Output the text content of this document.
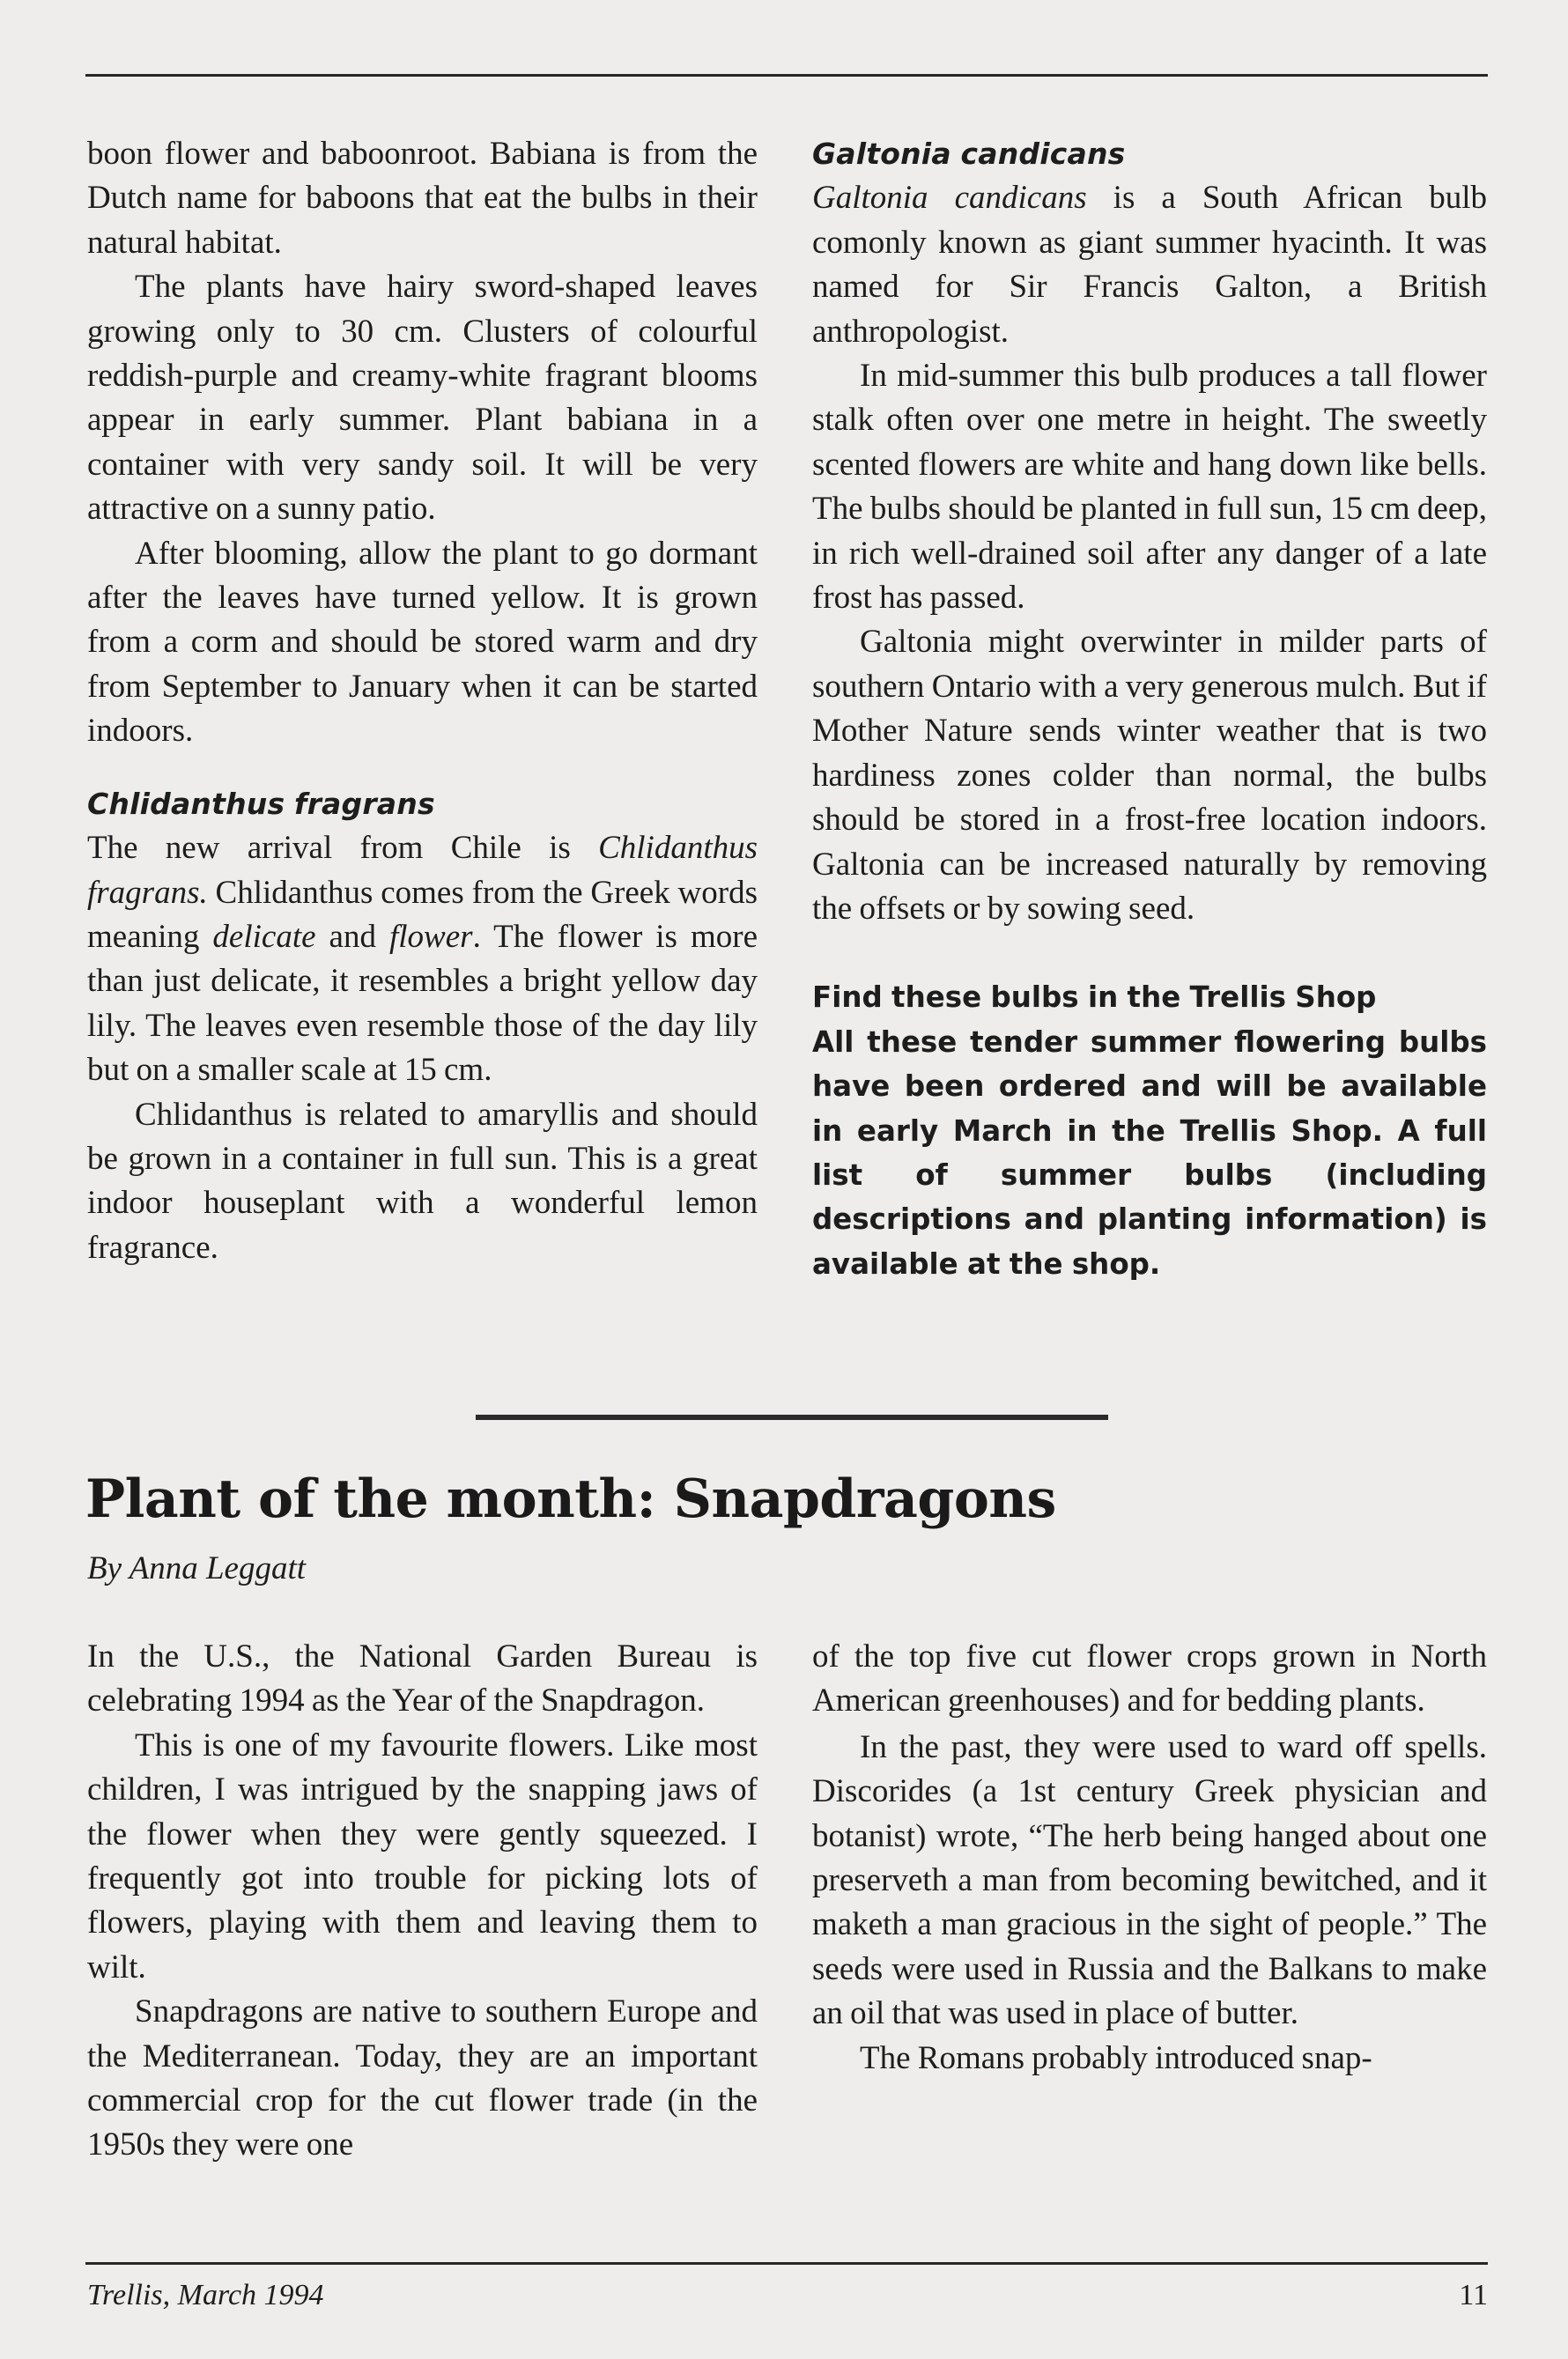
boon flower and baboonroot. Babiana is from the Dutch name for baboons that eat the bulbs in their natural habitat.

The plants have hairy sword-shaped leaves growing only to 30 cm. Clusters of colourful reddish-purple and creamy-white fragrant blooms appear in early summer. Plant babiana in a container with very sandy soil. It will be very attractive on a sunny patio.

After blooming, allow the plant to go dormant after the leaves have turned yellow. It is grown from a corm and should be stored warm and dry from September to January when it can be started indoors.

Chlidanthus fragrans

The new arrival from Chile is Chlidanthus fragrans. Chlidanthus comes from the Greek words meaning delicate and flower. The flower is more than just delicate, it resembles a bright yellow day lily. The leaves even resemble those of the day lily but on a smaller scale at 15 cm.

Chlidanthus is related to amaryllis and should be grown in a container in full sun. This is a great indoor houseplant with a wonderful lemon fragrance.

Galtonia candicans

Galtonia candicans is a South African bulb comonly known as giant summer hyacinth. It was named for Sir Francis Galton, a British anthropologist.

In mid-summer this bulb produces a tall flower stalk often over one metre in height. The sweetly scented flowers are white and hang down like bells. The bulbs should be planted in full sun, 15 cm deep, in rich well-drained soil after any danger of a late frost has passed.

Galtonia might overwinter in milder parts of southern Ontario with a very generous mulch. But if Mother Nature sends winter weather that is two hardiness zones colder than normal, the bulbs should be stored in a frost-free location indoors. Galtonia can be increased naturally by removing the offsets or by sowing seed.

Find these bulbs in the Trellis Shop

All these tender summer flowering bulbs have been ordered and will be available in early March in the Trellis Shop. A full list of summer bulbs (including descriptions and planting information) is available at the shop.

Plant of the month: Snapdragons
By Anna Leggatt

In the U.S., the National Garden Bureau is celebrating 1994 as the Year of the Snapdragon.

This is one of my favourite flowers. Like most children, I was intrigued by the snapping jaws of the flower when they were gently squeezed. I frequently got into trouble for picking lots of flowers, playing with them and leaving them to wilt.

Snapdragons are native to southern Europe and the Mediterranean. Today, they are an important commercial crop for the cut flower trade (in the 1950s they were one

of the top five cut flower crops grown in North American greenhouses) and for bedding plants.

In the past, they were used to ward off spells. Discorides (a 1st century Greek physician and botanist) wrote, “The herb being hanged about one preserveth a man from becoming bewitched, and it maketh a man gracious in the sight of people.” The seeds were used in Russia and the Balkans to make an oil that was used in place of butter.

The Romans probably introduced snap-

Trellis, March 1994	11
